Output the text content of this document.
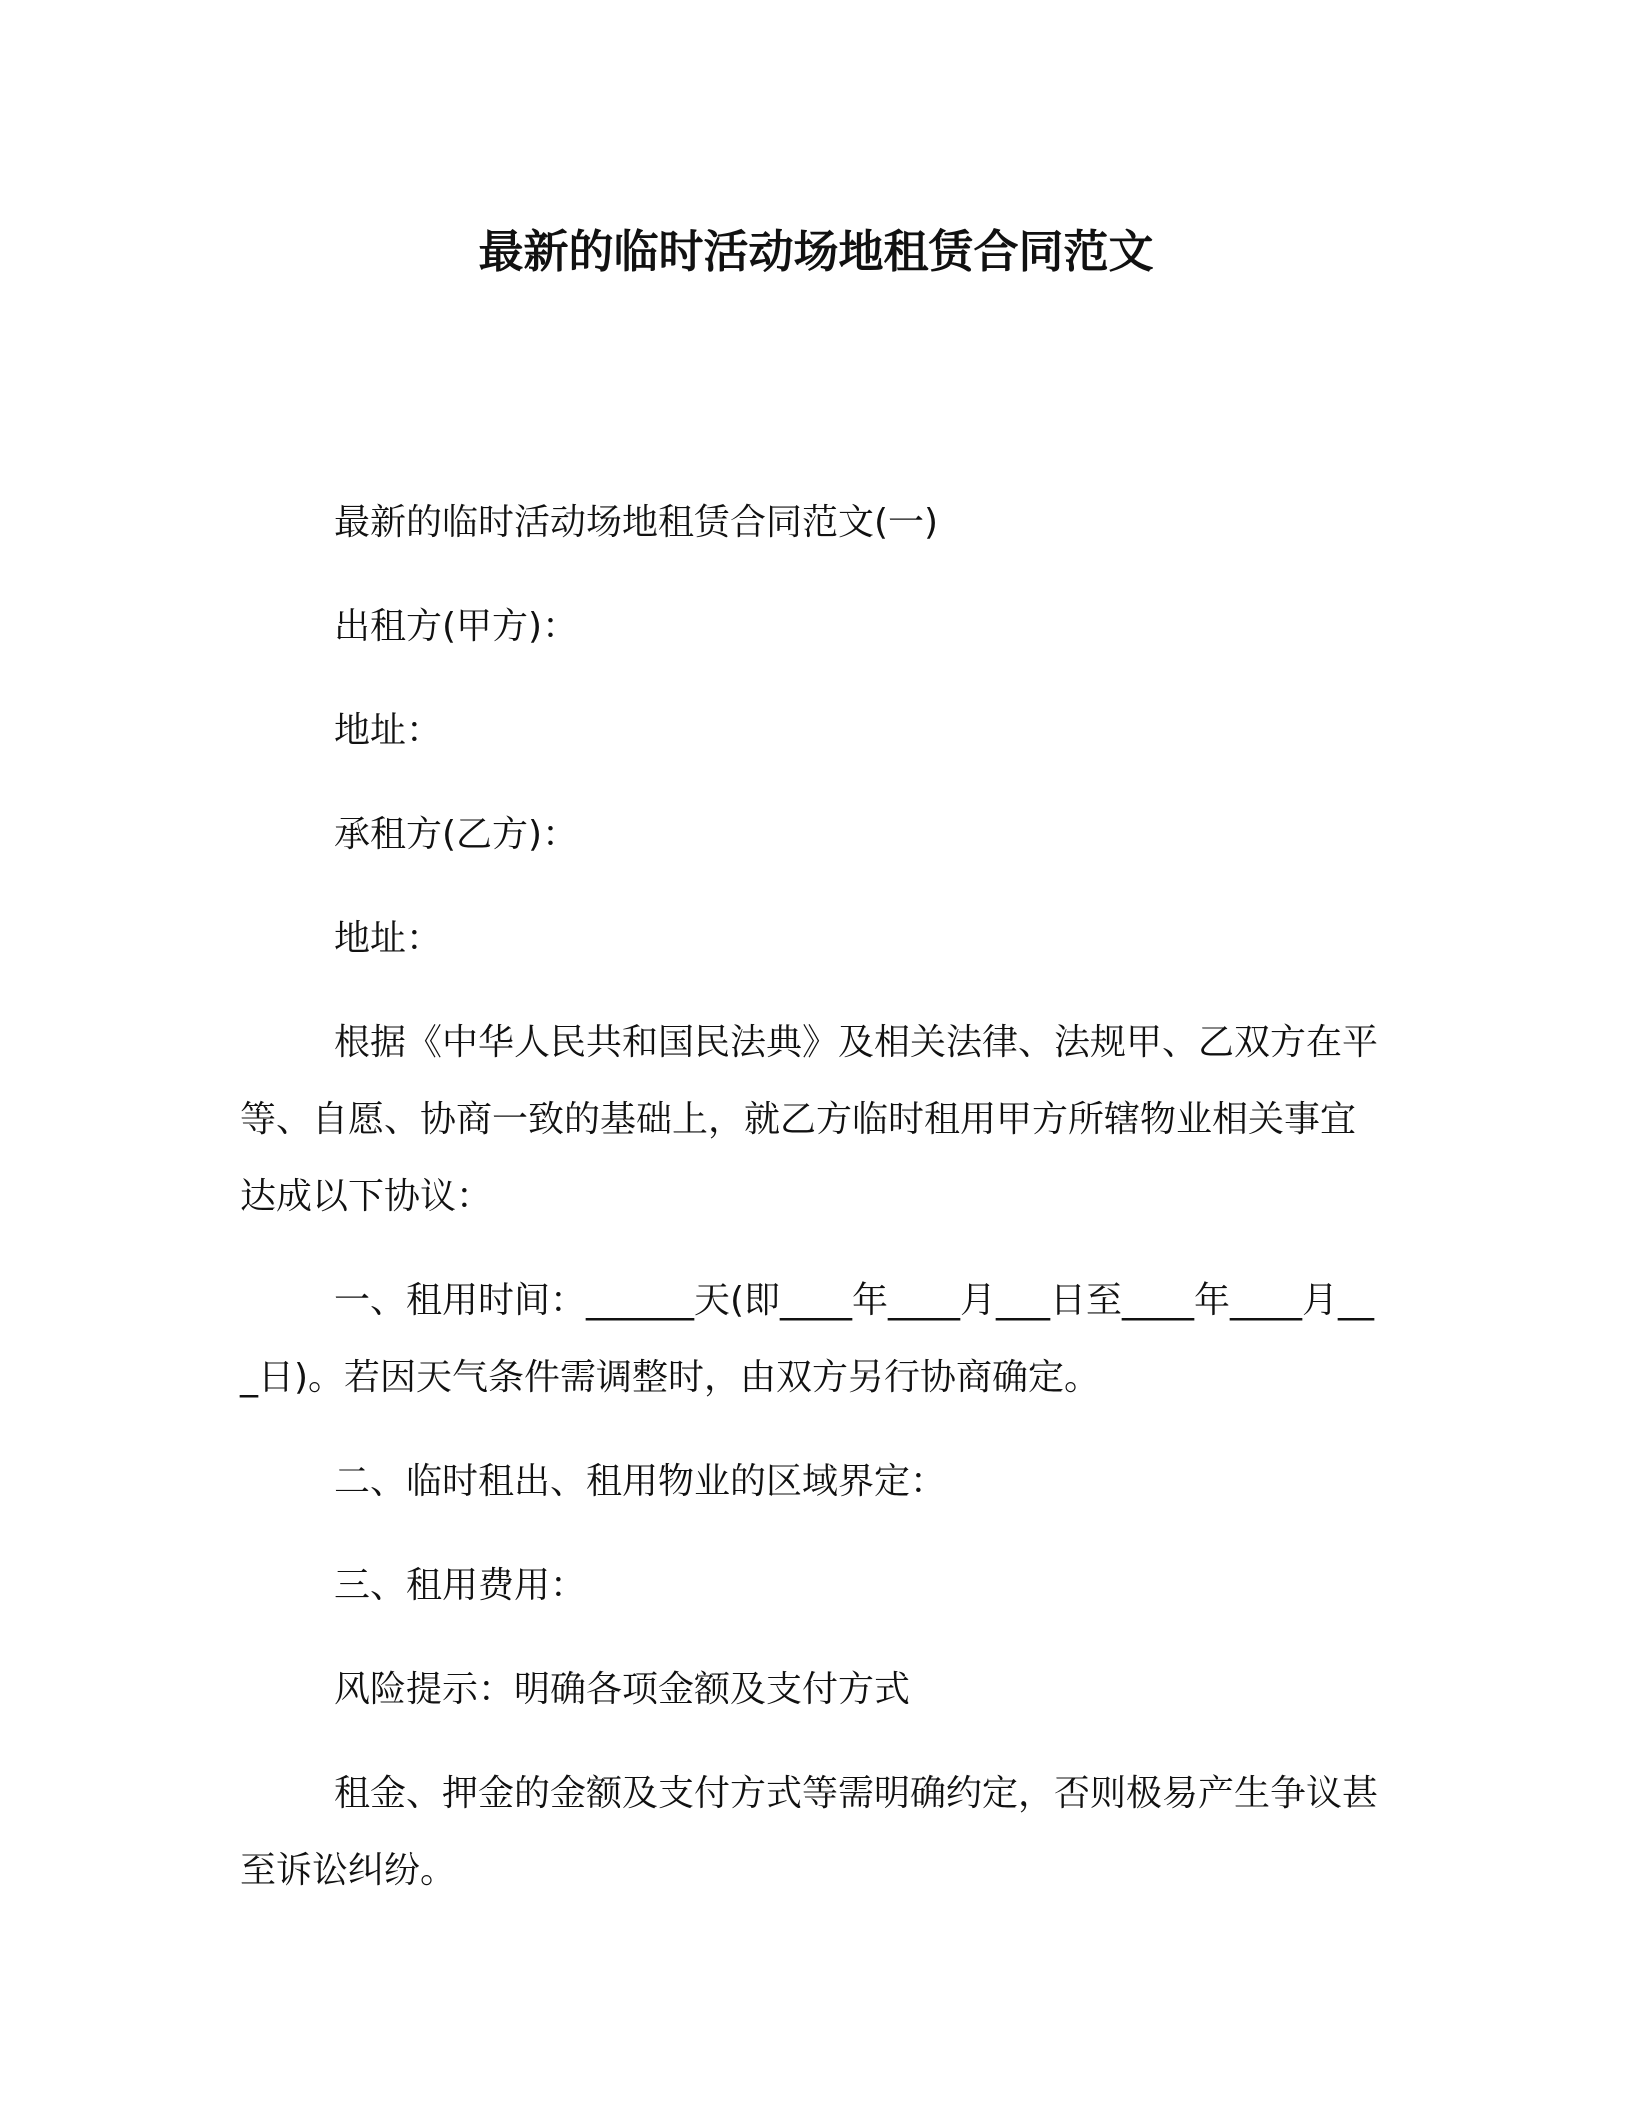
最新的临时活动场地租赁合同范文

最新的临时活动场地租赁合同范文(一)

出租方(甲方)：

地址：

承租方(乙方)：

地址：

根据《中华人民共和国民法典》及相关法律、法规甲、乙双方在平等、自愿、协商一致的基础上，就乙方临时租用甲方所辖物业相关事宜达成以下协议：

一、租用时间：______天(即____年____月___日至____年____月___日)。若因天气条件需调整时，由双方另行协商确定。

二、临时租出、租用物业的区域界定：

三、租用费用：

风险提示：明确各项金额及支付方式

租金、押金的金额及支付方式等需明确约定，否则极易产生争议甚至诉讼纠纷。
